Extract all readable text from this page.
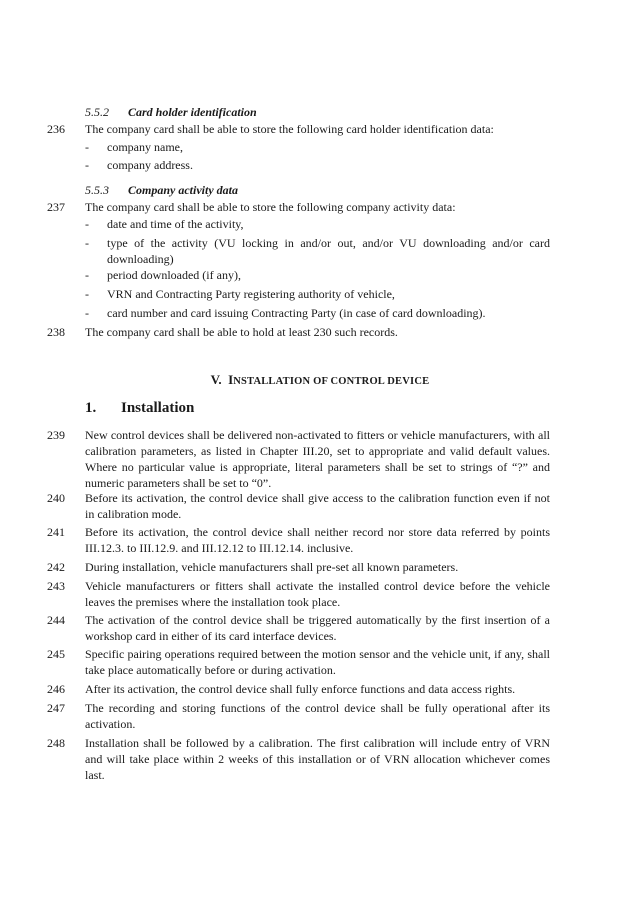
5.5.2 Card holder identification
236 The company card shall be able to store the following card holder identification data:
- company name,
- company address.
5.5.3 Company activity data
237 The company card shall be able to store the following company activity data:
- date and time of the activity,
- type of the activity (VU locking in and/or out, and/or VU downloading and/or card downloading)
- period downloaded (if any),
- VRN and Contracting Party registering authority of vehicle,
- card number and card issuing Contracting Party (in case of card downloading).
238 The company card shall be able to hold at least 230 such records.
V. INSTALLATION OF CONTROL DEVICE
1. Installation
239 New control devices shall be delivered non-activated to fitters or vehicle manufacturers, with all calibration parameters, as listed in Chapter III.20, set to appropriate and valid default values. Where no particular value is appropriate, literal parameters shall be set to strings of “?” and numeric parameters shall be set to “0”.
240 Before its activation, the control device shall give access to the calibration function even if not in calibration mode.
241 Before its activation, the control device shall neither record nor store data referred by points III.12.3. to III.12.9. and III.12.12 to III.12.14. inclusive.
242 During installation, vehicle manufacturers shall pre-set all known parameters.
243 Vehicle manufacturers or fitters shall activate the installed control device before the vehicle leaves the premises where the installation took place.
244 The activation of the control device shall be triggered automatically by the first insertion of a workshop card in either of its card interface devices.
245 Specific pairing operations required between the motion sensor and the vehicle unit, if any, shall take place automatically before or during activation.
246 After its activation, the control device shall fully enforce functions and data access rights.
247 The recording and storing functions of the control device shall be fully operational after its activation.
248 Installation shall be followed by a calibration. The first calibration will include entry of VRN and will take place within 2 weeks of this installation or of VRN allocation whichever comes last.
